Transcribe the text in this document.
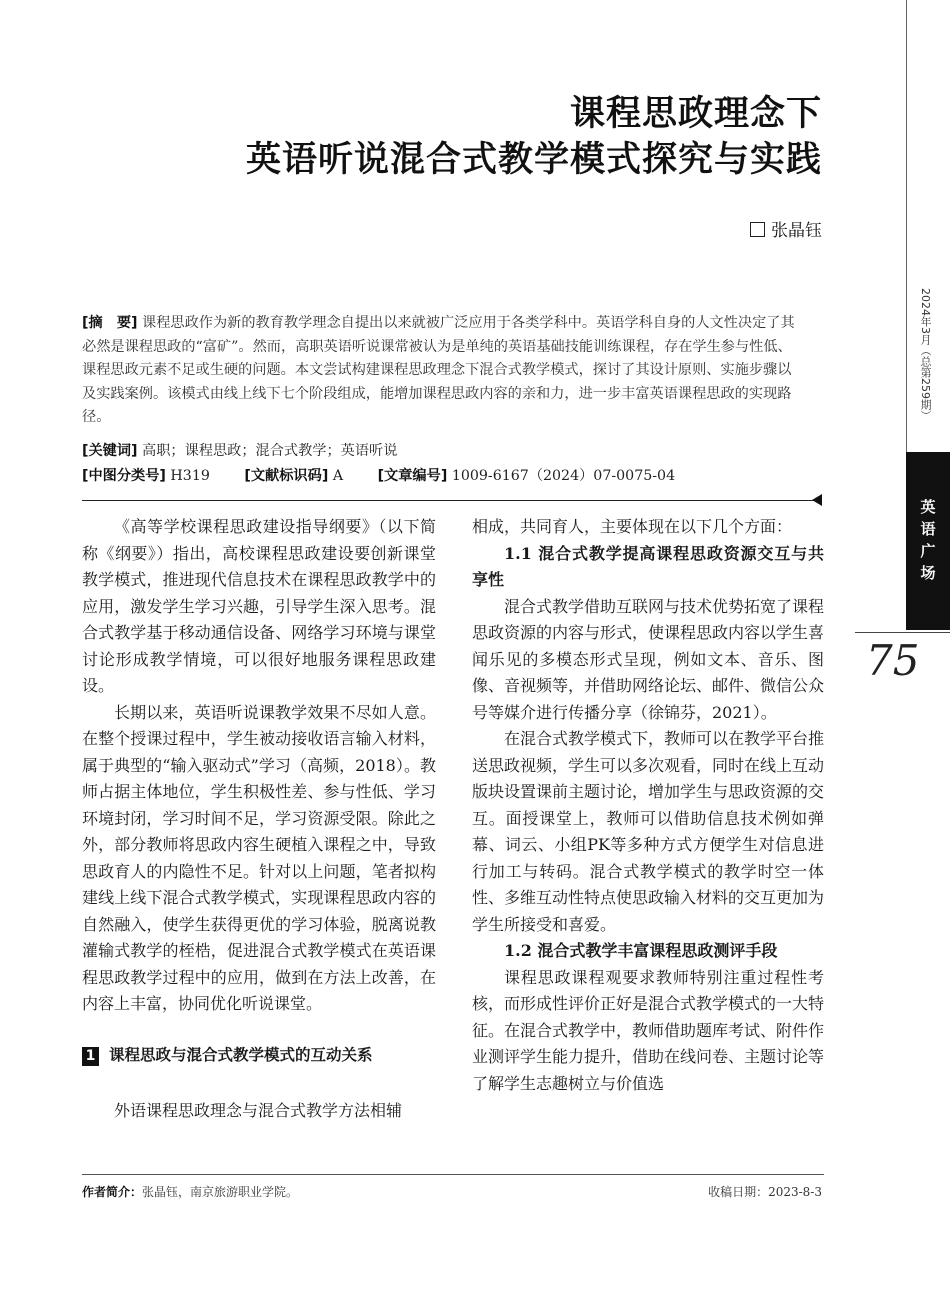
课程思政理念下
英语听说混合式教学模式探究与实践
张晶钰
[摘　要] 课程思政作为新的教育教学理念自提出以来就被广泛应用于各类学科中。英语学科自身的人文性决定了其必然是课程思政的“富矿”。然而，高职英语听说课常被认为是单纯的英语基础技能训练课程，存在学生参与性低、课程思政元素不足或生硬的问题。本文尝试构建课程思政理念下混合式教学模式，探讨了其设计原则、实施步骤以及实践案例。该模式由线上线下七个阶段组成，能增加课程思政内容的亲和力，进一步丰富英语课程思政的实现路径。
[关键词] 高职；课程思政；混合式教学；英语听说
[中图分类号] H319 [文献标识码] A [文章编号] 1009-6167（2024）07-0075-04

《高等学校课程思政建设指导纲要》（以下简称《纲要》）指出，高校课程思政建设要创新课堂教学模式，推进现代信息技术在课程思政教学中的应用，激发学生学习兴趣，引导学生深入思考。混合式教学基于移动通信设备、网络学习环境与课堂讨论形成教学情境，可以很好地服务课程思政建设。

长期以来，英语听说课教学效果不尽如人意。在整个授课过程中，学生被动接收语言输入材料，属于典型的“输入驱动式”学习（高频，2018）。教师占据主体地位，学生积极性差、参与性低、学习环境封闭，学习时间不足，学习资源受限。除此之外，部分教师将思政内容生硬植入课程之中，导致思政育人的内隐性不足。针对以上问题，笔者拟构建线上线下混合式教学模式，实现课程思政内容的自然融入，使学生获得更优的学习体验，脱离说教灌输式教学的桎梏，促进混合式教学模式在英语课程思政教学过程中的应用，做到在方法上改善，在内容上丰富，协同优化听说课堂。

1 课程思政与混合式教学模式的互动关系

外语课程思政理念与混合式教学方法相辅

相成，共同育人，主要体现在以下几个方面：

1.1 混合式教学提高课程思政资源交互与共享性

混合式教学借助互联网与技术优势拓宽了课程思政资源的内容与形式，使课程思政内容以学生喜闻乐见的多模态形式呈现，例如文本、音乐、图像、音视频等，并借助网络论坛、邮件、微信公众号等媒介进行传播分享（徐锦芬，2021）。

在混合式教学模式下，教师可以在教学平台推送思政视频，学生可以多次观看，同时在线上互动版块设置课前主题讨论，增加学生与思政资源的交互。面授课堂上，教师可以借助信息技术例如弹幕、词云、小组PK等多种方式方便学生对信息进行加工与转码。混合式教学模式的教学时空一体性、多维互动性特点使思政输入材料的交互更加为学生所接受和喜爱。

1.2 混合式教学丰富课程思政测评手段

课程思政课程观要求教师特别注重过程性考核，而形成性评价正好是混合式教学模式的一大特征。在混合式教学中，教师借助题库考试、附件作业测评学生能力提升，借助在线问卷、主题讨论等了解学生志趣树立与价值选

作者简介：张晶钰，南京旅游职业学院。	收稿日期：2023-8-3
2024年3月（总第259期）
英语广场
75
